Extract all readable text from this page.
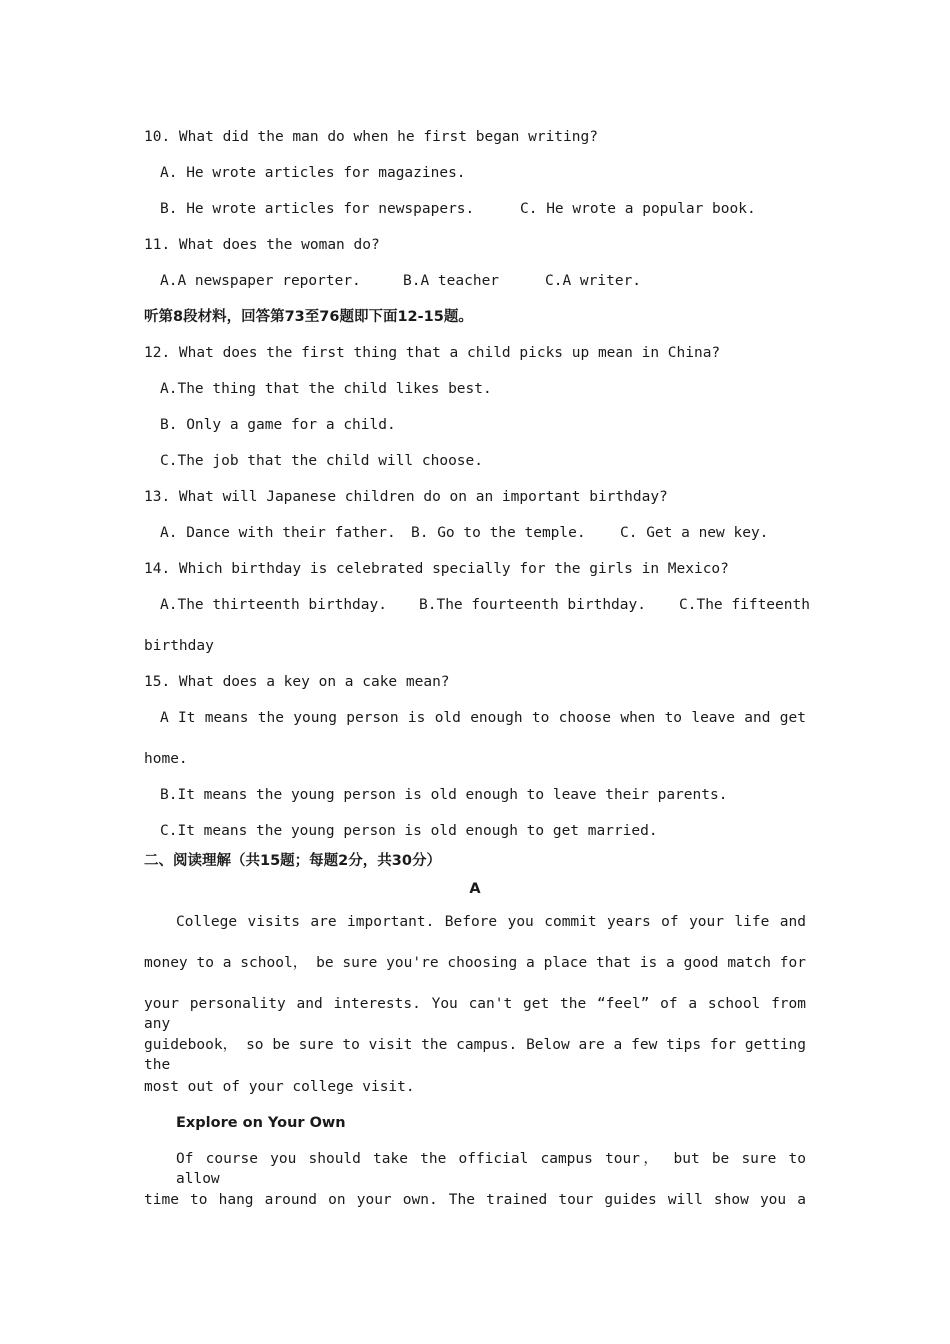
10. What did the man do when he first began writing?
A. He wrote articles for magazines.
B. He wrote articles for newspapers.	C. He wrote a popular book.
11. What does the woman do?
A.A newspaper reporter.	B.A teacher	C.A writer.
听第8段材料，回答第73至76题即下面12-15题。
12. What does the first thing that a child picks up mean in China?
A.The thing that the child likes best.
B. Only a game for a child.
C.The job that the child will choose.
13. What will Japanese children do on an important birthday?
A. Dance with their father. B. Go to the temple. C. Get a new key.
14. Which birthday is celebrated specially for the girls in Mexico?
A.The thirteenth birthday. B.The fourteenth birthday. C.The fifteenth
birthday
15. What does a key on a cake mean?
A It means the young person is old enough to choose when to leave and get
home.
B.It means the young person is old enough to leave their parents.
C.It means the young person is old enough to get married.
二、阅读理解（共15题；每题2分，共30分）
A
College visits are important. Before you commit years of your life and
money to a school， be sure you're choosing a place that is a good match for
your personality and interests. You can't get the “feel” of a school from any
guidebook， so be sure to visit the campus. Below are a few tips for getting the
most out of your college visit.
Explore on Your Own
Of course you should take the official campus tour， but be sure to allow
time to hang around on your own. The trained tour guides will show you a
